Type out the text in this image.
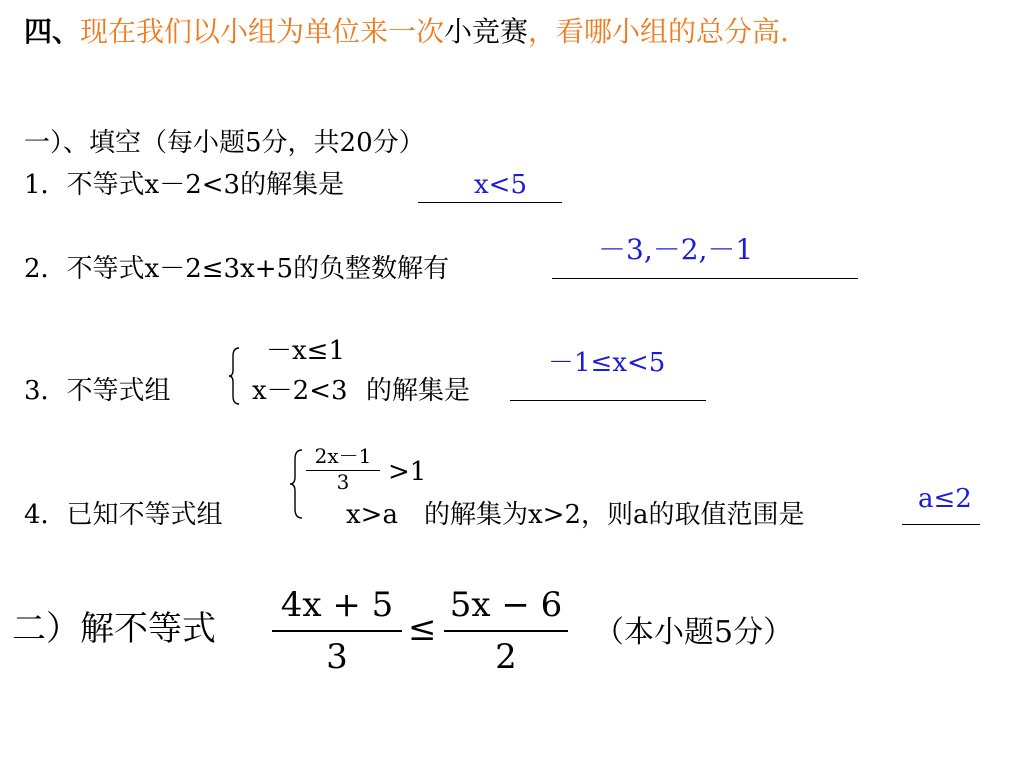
四、现在我们以小组为单位来一次小竞赛，看哪小组的总分高.
一）、填空（每小题5分，共20分）
1．不等式x－2<3的解集是	x<5
－3,－2,－1
2．不等式x－2≤3x+5的负整数解有
－x≤1	－1≤x<5
3．不等式组	x－2<3 的解集是
2x－1
3	>1
a≤2
4．已知不等式组	x>a 的解集为x>2，则a的取值范围是
二）解不等式
4x + 5
3
≤
5x − 6
2
（本小题5分）
